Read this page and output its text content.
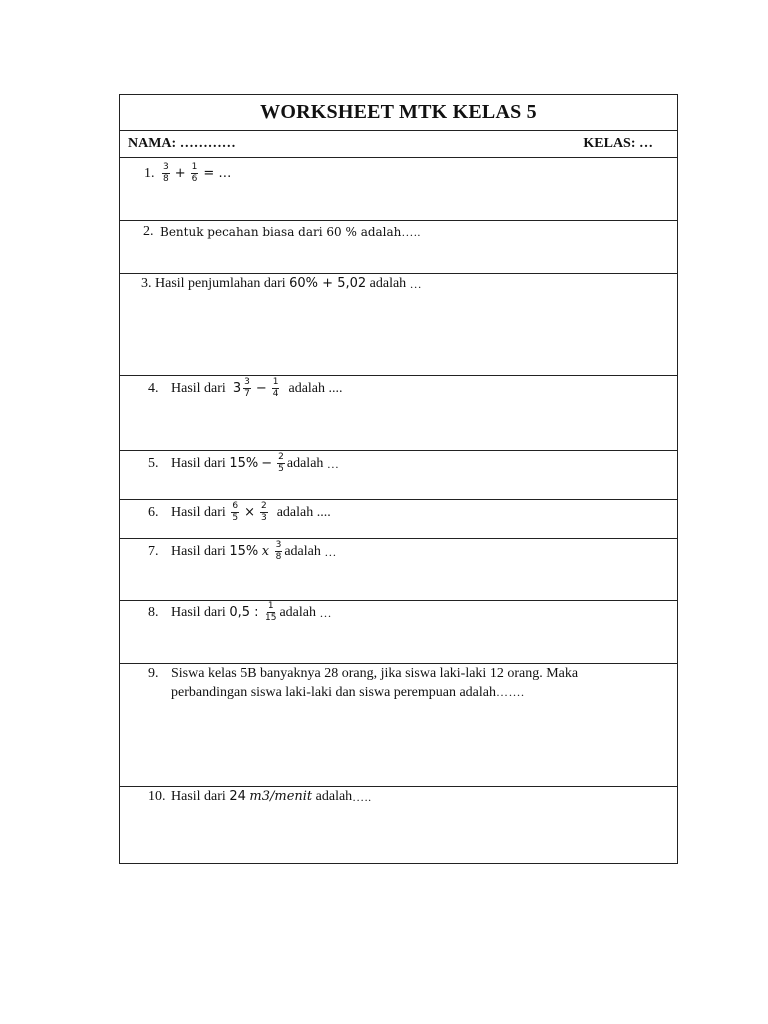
WORKSHEET MTK KELAS 5
NAMA: …………	KELAS: …
1. $\frac{3}{8} + \frac{1}{6}$ = …
2. Bentuk pecahan biasa dari 60 % adalah …..
3. Hasil penjumlahan dari
60% + 5,02
adalah
…
4. Hasil dari
$3 \frac{3}{7} - \frac{1}{4}$
adalah ....
5. Hasil dari
$15\% - \frac{2}{5}$ adalah
…
6. Hasil dari
$\frac{6}{5} \times \frac{2}{3}$
adalah ....
7. Hasil dari
15%
x
$\frac{3}{8}$ adalah
…
8. Hasil dari
0,5 :
$\frac{1}{15}$ adalah
…
9. Siswa kelas 5B banyaknya 28 orang, jika siswa laki-laki 12 orang. Maka
perbandingan siswa laki-laki dan siswa perempuan adalah…….
10. Hasil dari
24
m 3 /menit
adalah …..
